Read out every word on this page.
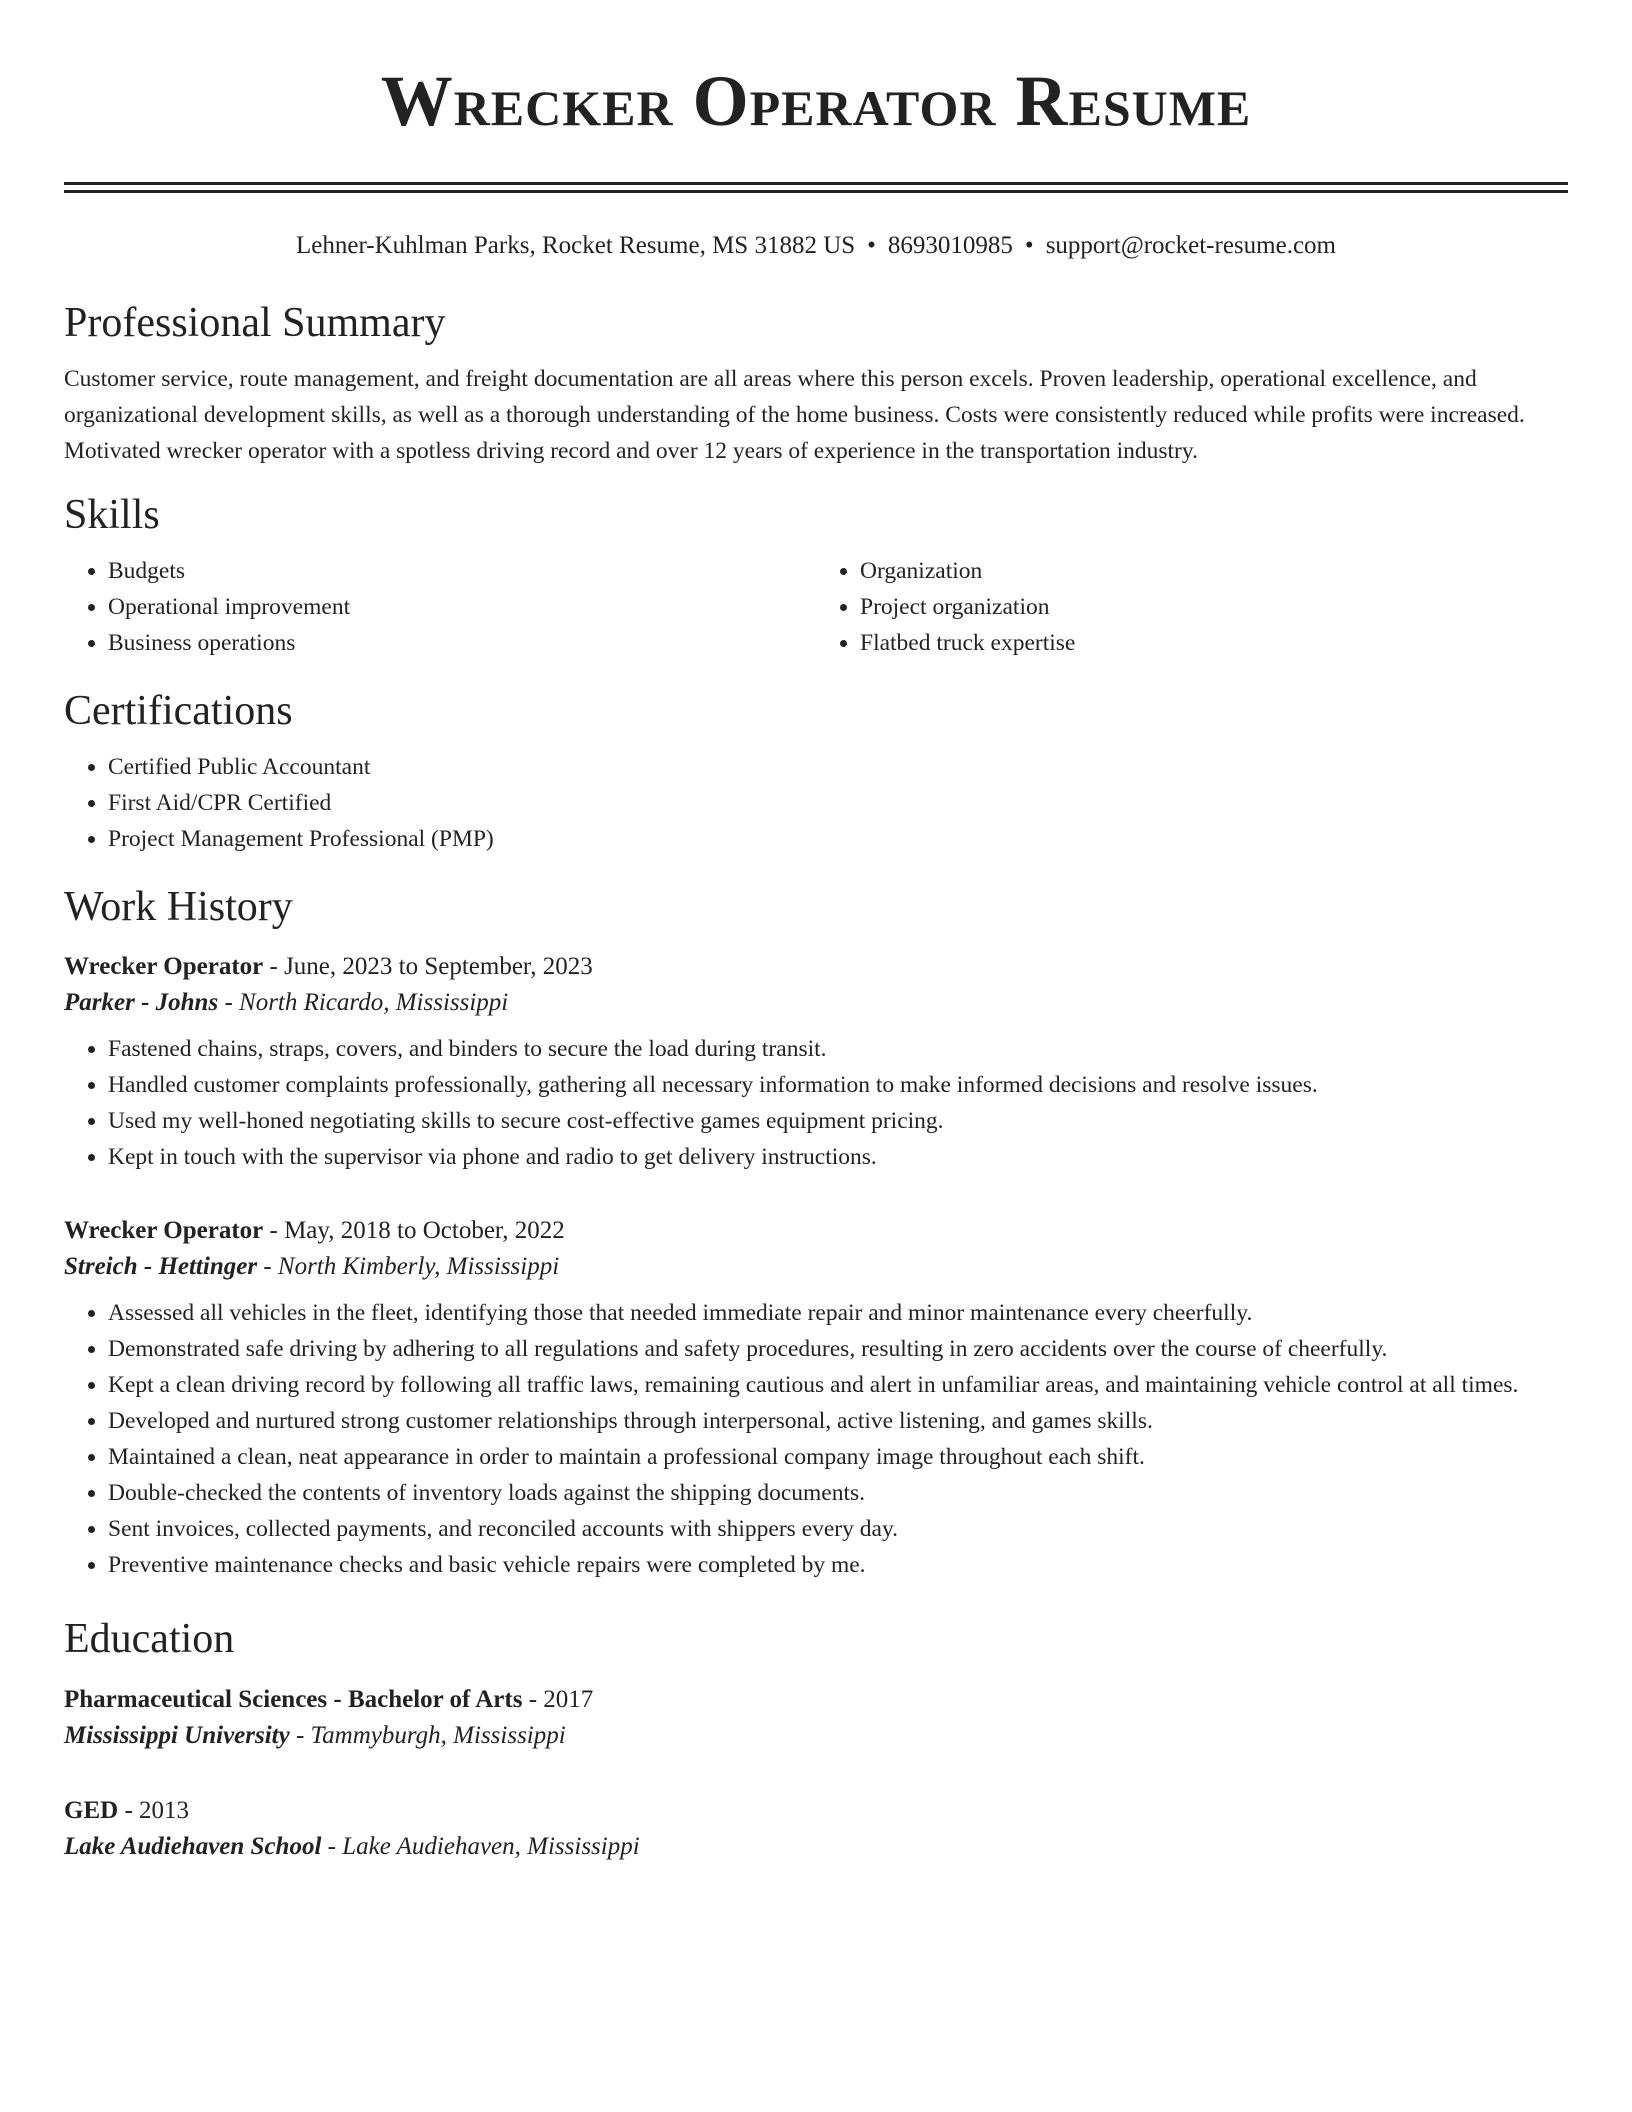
Wrecker Operator Resume
Lehner-Kuhlman Parks, Rocket Resume, MS 31882 US • 8693010985 • support@rocket-resume.com
Professional Summary

Customer service, route management, and freight documentation are all areas where this person excels. Proven leadership, operational excellence, and organizational development skills, as well as a thorough understanding of the home business. Costs were consistently reduced while profits were increased. Motivated wrecker operator with a spotless driving record and over 12 years of experience in the transportation industry.

Skills
• Budgets
• Operational improvement
• Business operations
• Organization
• Project organization
• Flatbed truck expertise
Certifications
• Certified Public Accountant
• First Aid/CPR Certified
• Project Management Professional (PMP)
Work History
Wrecker Operator - June, 2023 to September, 2023
Parker - Johns - North Ricardo, Mississippi
• Fastened chains, straps, covers, and binders to secure the load during transit.
• Handled customer complaints professionally, gathering all necessary information to make informed decisions and resolve issues.
• Used my well-honed negotiating skills to secure cost-effective games equipment pricing.
• Kept in touch with the supervisor via phone and radio to get delivery instructions.
Wrecker Operator - May, 2018 to October, 2022
Streich - Hettinger - North Kimberly, Mississippi
• Assessed all vehicles in the fleet, identifying those that needed immediate repair and minor maintenance every cheerfully.
• Demonstrated safe driving by adhering to all regulations and safety procedures, resulting in zero accidents over the course of cheerfully.
• Kept a clean driving record by following all traffic laws, remaining cautious and alert in unfamiliar areas, and maintaining vehicle control at all times.
• Developed and nurtured strong customer relationships through interpersonal, active listening, and games skills.
• Maintained a clean, neat appearance in order to maintain a professional company image throughout each shift.
• Double-checked the contents of inventory loads against the shipping documents.
• Sent invoices, collected payments, and reconciled accounts with shippers every day.
• Preventive maintenance checks and basic vehicle repairs were completed by me.
Education
Pharmaceutical Sciences - Bachelor of Arts - 2017
Mississippi University - Tammyburgh, Mississippi
GED - 2013
Lake Audiehaven School - Lake Audiehaven, Mississippi
